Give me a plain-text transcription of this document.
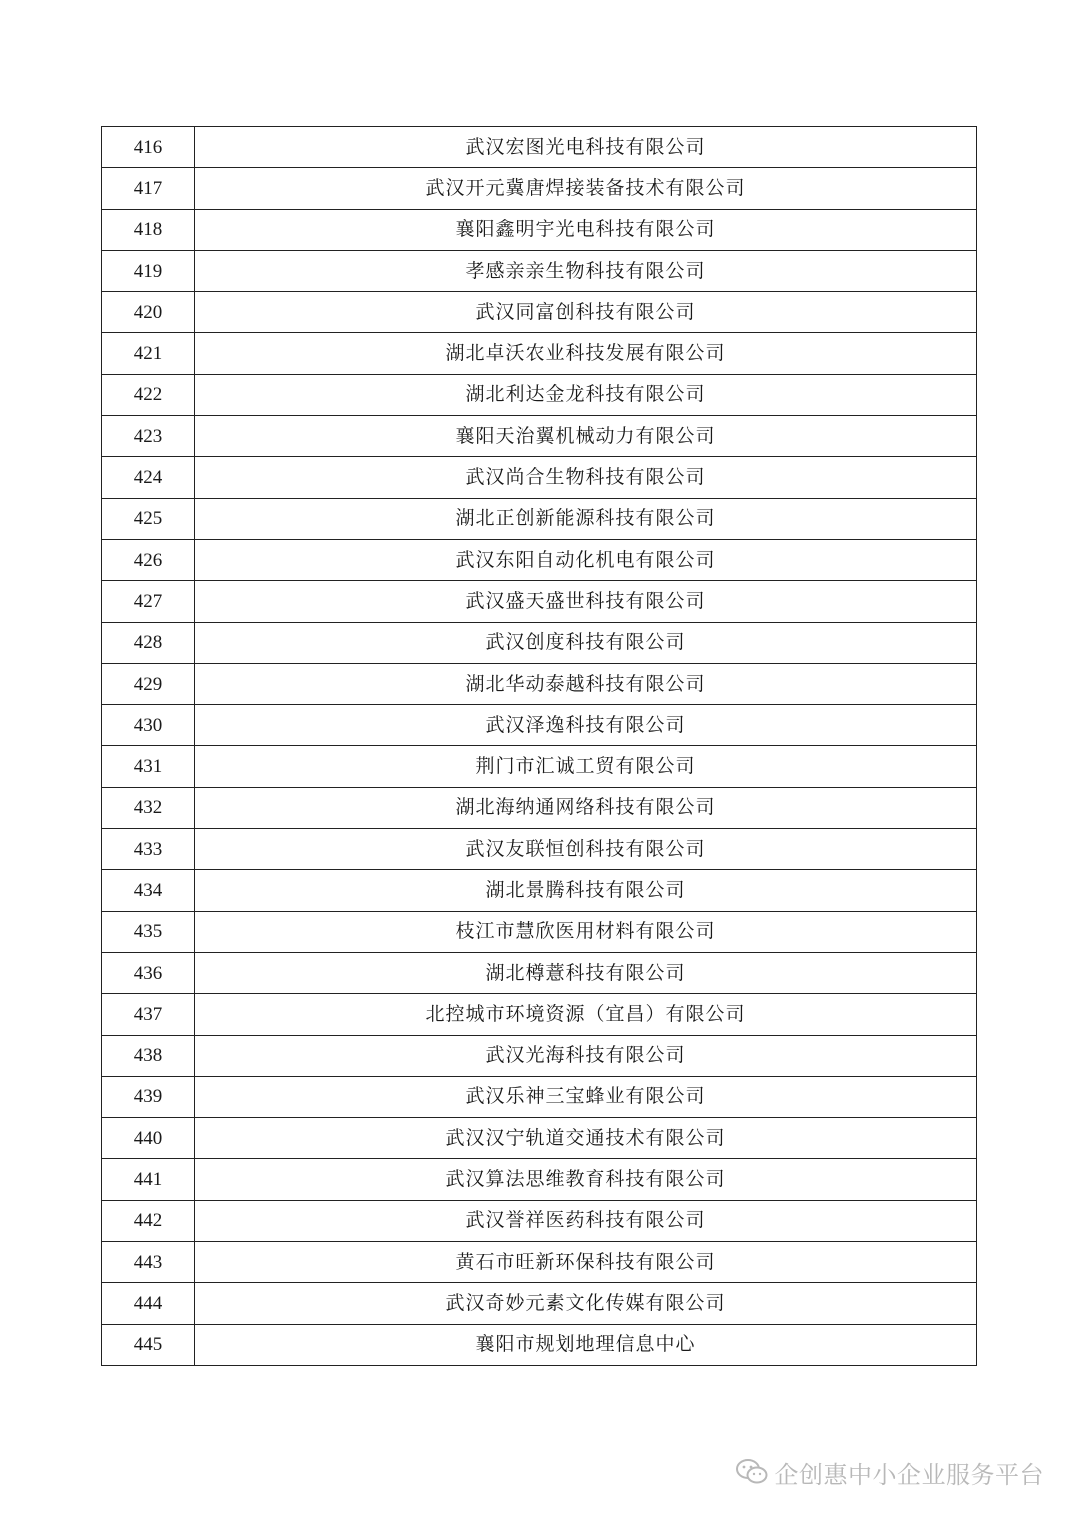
416	武汉宏图光电科技有限公司
417	武汉开元冀唐焊接装备技术有限公司
418	襄阳鑫明宇光电科技有限公司
419	孝感亲亲生物科技有限公司
420	武汉同富创科技有限公司
421	湖北卓沃农业科技发展有限公司
422	湖北利达金龙科技有限公司
423	襄阳天治翼机械动力有限公司
424	武汉尚合生物科技有限公司
425	湖北正创新能源科技有限公司
426	武汉东阳自动化机电有限公司
427	武汉盛天盛世科技有限公司
428	武汉创度科技有限公司
429	湖北华动泰越科技有限公司
430	武汉泽逸科技有限公司
431	荆门市汇诚工贸有限公司
432	湖北海纳通网络科技有限公司
433	武汉友联恒创科技有限公司
434	湖北景腾科技有限公司
435	枝江市慧欣医用材料有限公司
436	湖北樽薏科技有限公司
437	北控城市环境资源（宜昌）有限公司
438	武汉光海科技有限公司
439	武汉乐神三宝蜂业有限公司
440	武汉汉宁轨道交通技术有限公司
441	武汉算法思维教育科技有限公司
442	武汉誉祥医药科技有限公司
443	黄石市旺新环保科技有限公司
444	武汉奇妙元素文化传媒有限公司
445	襄阳市规划地理信息中心
企创惠中小企业服务平台
